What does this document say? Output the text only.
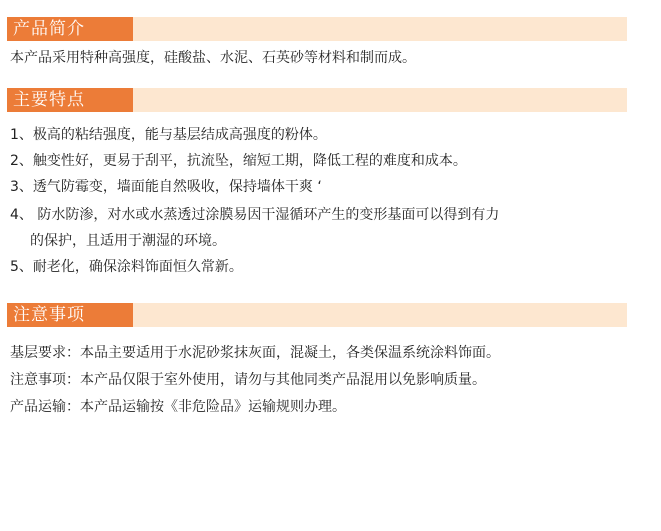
产品简介
本产品采用特种高强度，硅酸盐、水泥、石英砂等材料和制而成。
主要特点
1、极高的粘结强度，能与基层结成高强度的粉体。
2、触变性好，更易于刮平，抗流坠，缩短工期，降低工程的难度和成本。
3、透气防霉变，墙面能自然吸收，保持墙体干爽 ‘
4、 防水防渗，对水或水蒸透过涂膜易因干湿循环产生的变形基面可以得到有力
的保护，且适用于潮湿的环境。
5、耐老化，确保涂料饰面恒久常新。
注意事项
基层要求：本品主要适用于水泥砂浆抹灰面，混凝土，各类保温系统涂料饰面。
注意事项：本产品仅限于室外使用，请勿与其他同类产品混用以免影响质量。
产品运输：本产品运输按《非危险品》运输规则办理。
